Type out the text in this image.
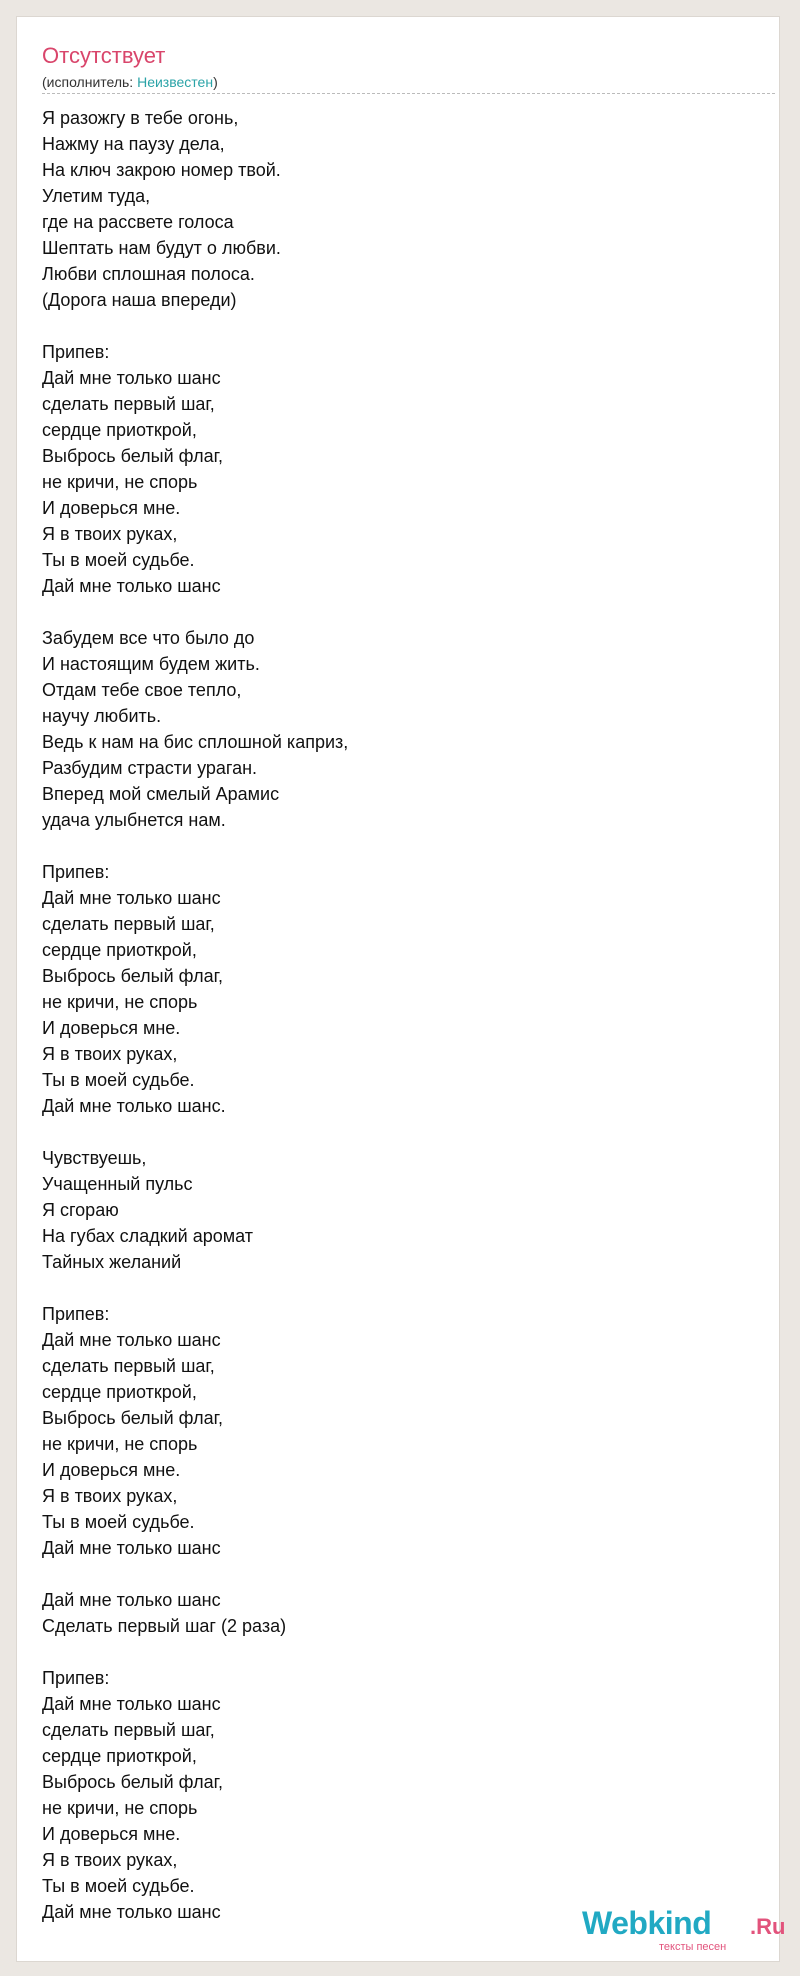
Отсутствует
(исполнитель: Неизвестен)
Я разожгу в тебе огонь,
Нажму на паузу дела,
На ключ закрою номер твой.
Улетим туда,
где на рассвете голоса
Шептать нам будут о любви.
Любви сплошная полоса.
(Дорога наша впереди)

Припев:
Дай мне только шанс
сделать первый шаг,
сердце приоткрой,
Выбрось белый флаг,
не кричи, не спорь
И доверься мне.
Я в твоих руках,
Ты в моей судьбе.
Дай мне только шанс

Забудем все что было до
И настоящим будем жить.
Отдам тебе свое тепло,
научу любить.
Ведь к нам на бис сплошной каприз,
Разбудим страсти ураган.
Вперед мой смелый Арамис
удача улыбнется нам.

Припев:
Дай мне только шанс
сделать первый шаг,
сердце приоткрой,
Выбрось белый флаг,
не кричи, не спорь
И доверься мне.
Я в твоих руках,
Ты в моей судьбе.
Дай мне только шанс.

Чувствуешь,
Учащенный пульс
Я сгораю
На губах сладкий аромат
Тайных желаний

Припев:
Дай мне только шанс
сделать первый шаг,
сердце приоткрой,
Выбрось белый флаг,
не кричи, не спорь
И доверься мне.
Я в твоих руках,
Ты в моей судьбе.
Дай мне только шанс

Дай мне только шанс
Сделать первый шаг (2 раза)

Припев:
Дай мне только шанс
сделать первый шаг,
сердце приоткрой,
Выбрось белый флаг,
не кричи, не спорь
И доверься мне.
Я в твоих руках,
Ты в моей судьбе.
Дай мне только шанс	Webkind .Ru
тексты песен
